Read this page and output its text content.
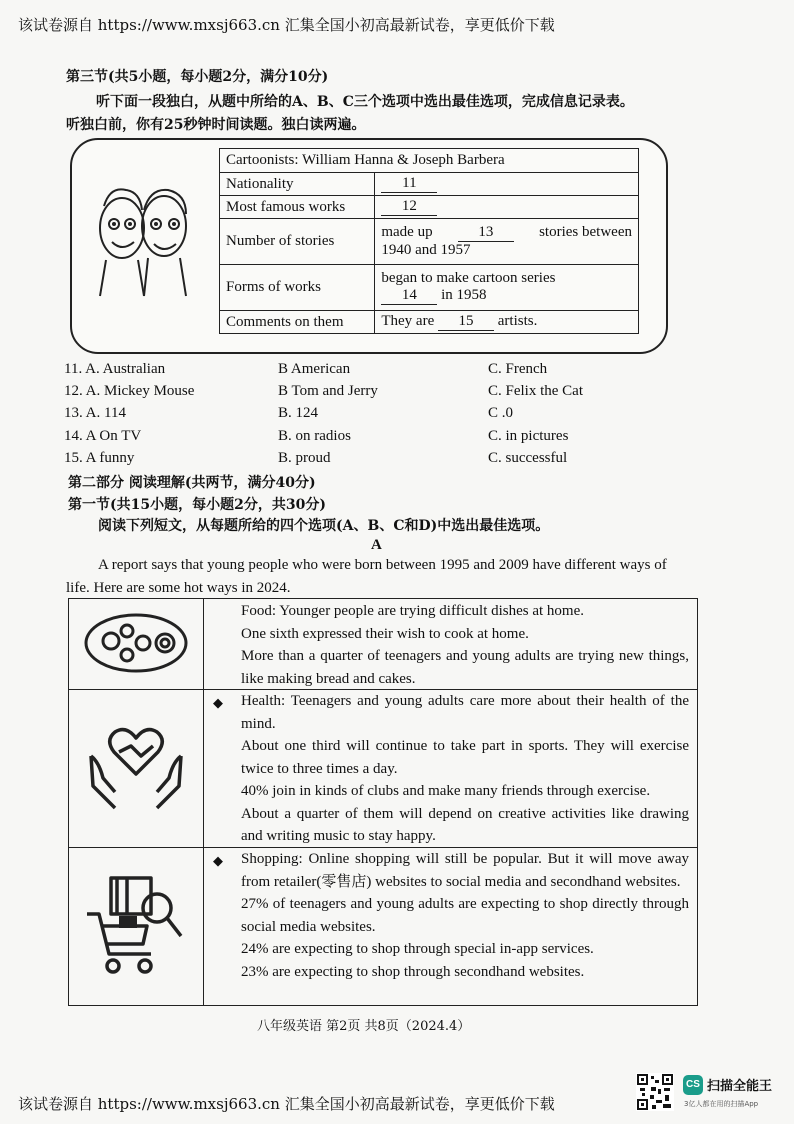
该试卷源自 https://www.mxsj663.cn 汇集全国小初高最新试卷，享更低价下载
第三节(共5小题，每小题2分，满分10分)
听下面一段独白，从题中所给的A、B、C三个选项中选出最佳选项，完成信息记录表。
听独白前，你有25秒钟时间读题。独白读两遍。
Cartoonists: William Hanna & Joseph Barbera	
Nationality	11
Most famous works	12
Number of stories	made up 13 stories between
1940 and 1957

Forms of works	began to make cartoon series
14 in 1958

Comments on them	They are 15 artists.
11. A. Australian	B American	C. French
12. A. Mickey Mouse	B Tom and Jerry	C. Felix the Cat
13. A. 114	B. 124	C .0
14. A On TV	B. on radios	C. in pictures
15. A funny	B. proud	C. successful
第二部分 阅读理解(共两节，满分40分)
第一节(共15小题，每小题2分，共30分)
阅读下列短文，从每题所给的四个选项(A、B、C和D)中选出最佳选项。
A
A report says that young people who were born between 1995 and 2009 have different ways of
life. Here are some hot ways in 2024.

Food: Younger people are trying difficult dishes at home.

One sixth expressed their wish to cook at home.

More than a quarter of teenagers and young adults are trying new things, like making bread and cakes.

◆ Health: Teenagers and young adults care more about their health of the mind.

About one third will continue to take part in sports. They will exercise twice to three times a day.

40% join in kinds of clubs and make many friends through exercise.

About a quarter of them will depend on creative activities like drawing and writing music to stay happy.

◆ Shopping: Online shopping will still be popular. But it will move away from retailer(零售店) websites to social media and secondhand websites.

27% of teenagers and young adults are expecting to shop directly through social media websites.

24% are expecting to shop through special in-app services.

23% are expecting to shop through secondhand websites.

八年级英语 第2页 共8页（2024.4）
该试卷源自 https://www.mxsj663.cn 汇集全国小初高最新试卷，享更低价下载
CS 扫描全能王
3亿人都在用的扫描App
